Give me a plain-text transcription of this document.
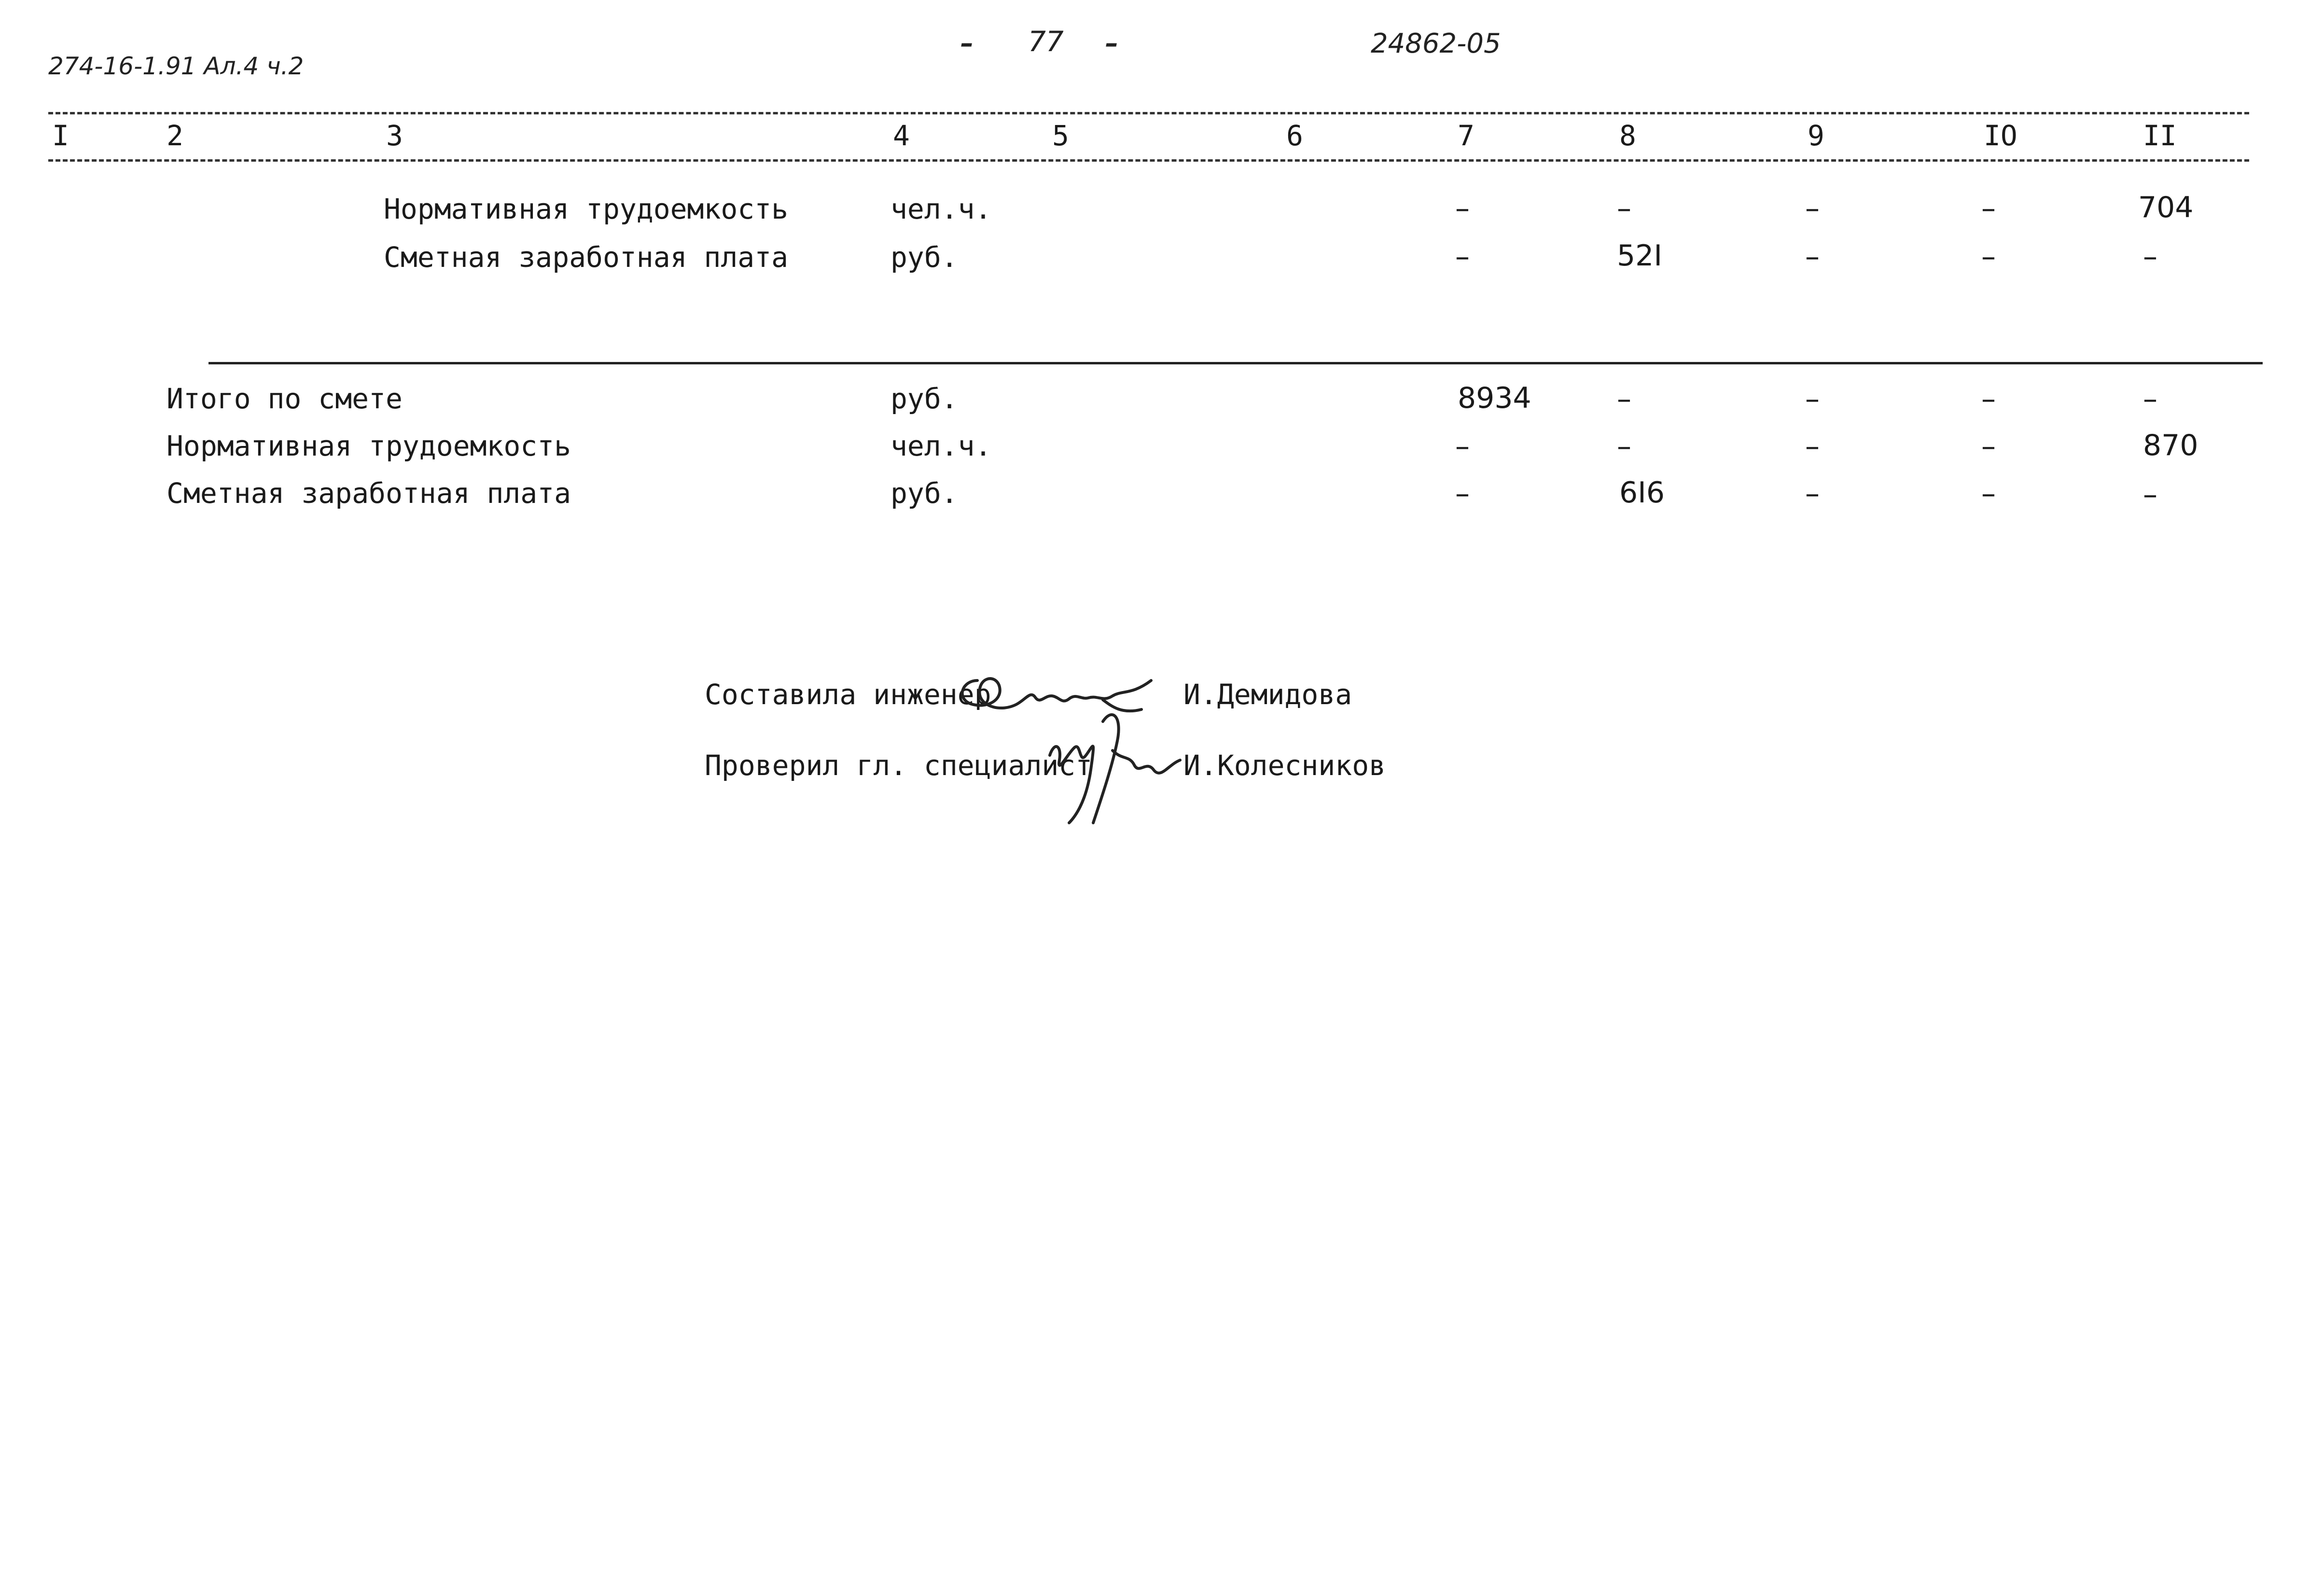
274-16-1.91 Ал.4 ч.2
– 77 –	24862-05
I	2	3	4	5	6	7	8	9	IO	II
Нормативная трудоемкость	чел.ч.	–	–	–	–	704
Сметная заработная плата	руб.	–	52I	–	–	–
Итого по смете	руб.	8934	–	–	–	–
Нормативная трудоемкость	чел.ч.	–	–	–	–	870
Сметная заработная плата	руб.	–	6I6	–	–	–
Составила инженер	И.Демидова
Проверил гл. специалист	И.Колесников
